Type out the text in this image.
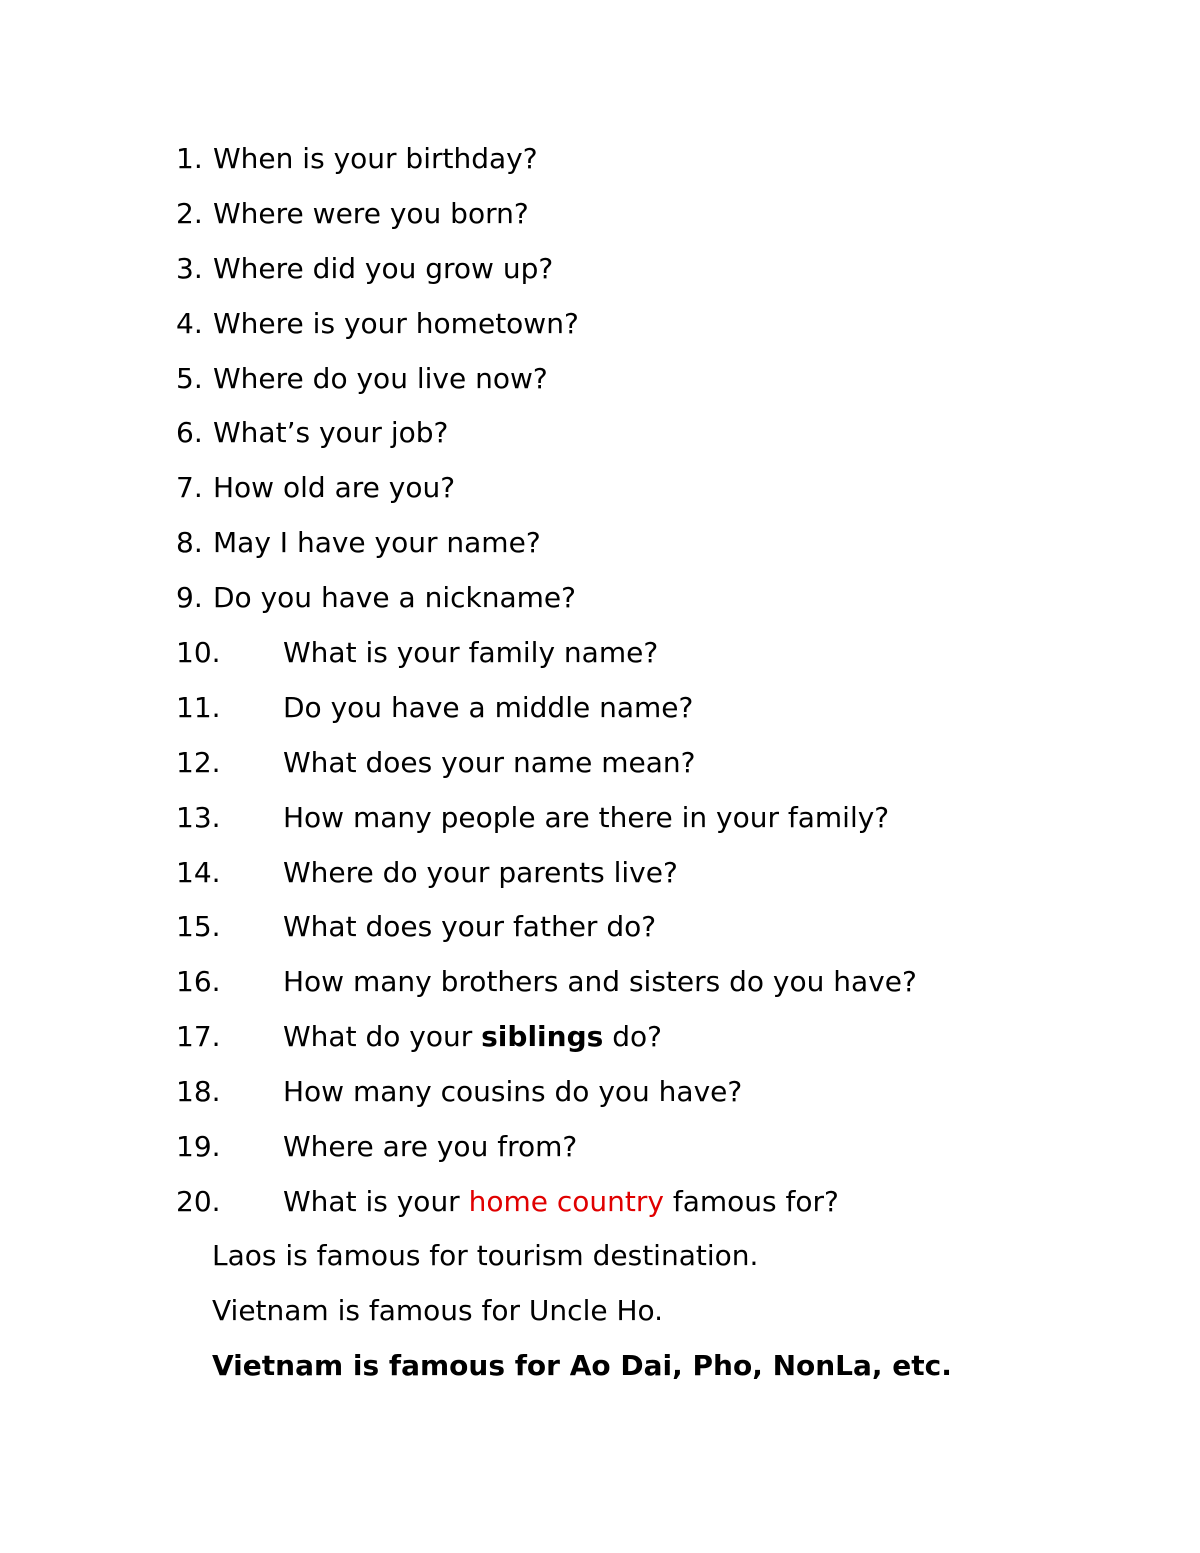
1. When is your birthday?
2. Where were you born?
3. Where did you grow up?
4. Where is your hometown?
5. Where do you live now?
6. What’s your job?
7. How old are you?
8. May I have your name?
9. Do you have a nickname?
10. What is your family name?
11. Do you have a middle name?
12. What does your name mean?
13. How many people are there in your family?
14. Where do your parents live?
15. What does your father do?
16. How many brothers and sisters do you have?
17. What do your siblings do?
18. How many cousins do you have?
19. Where are you from?
20. What is your home country famous for?
Laos is famous for tourism destination.
Vietnam is famous for Uncle Ho.
Vietnam is famous for Ao Dai, Pho, NonLa, etc.
